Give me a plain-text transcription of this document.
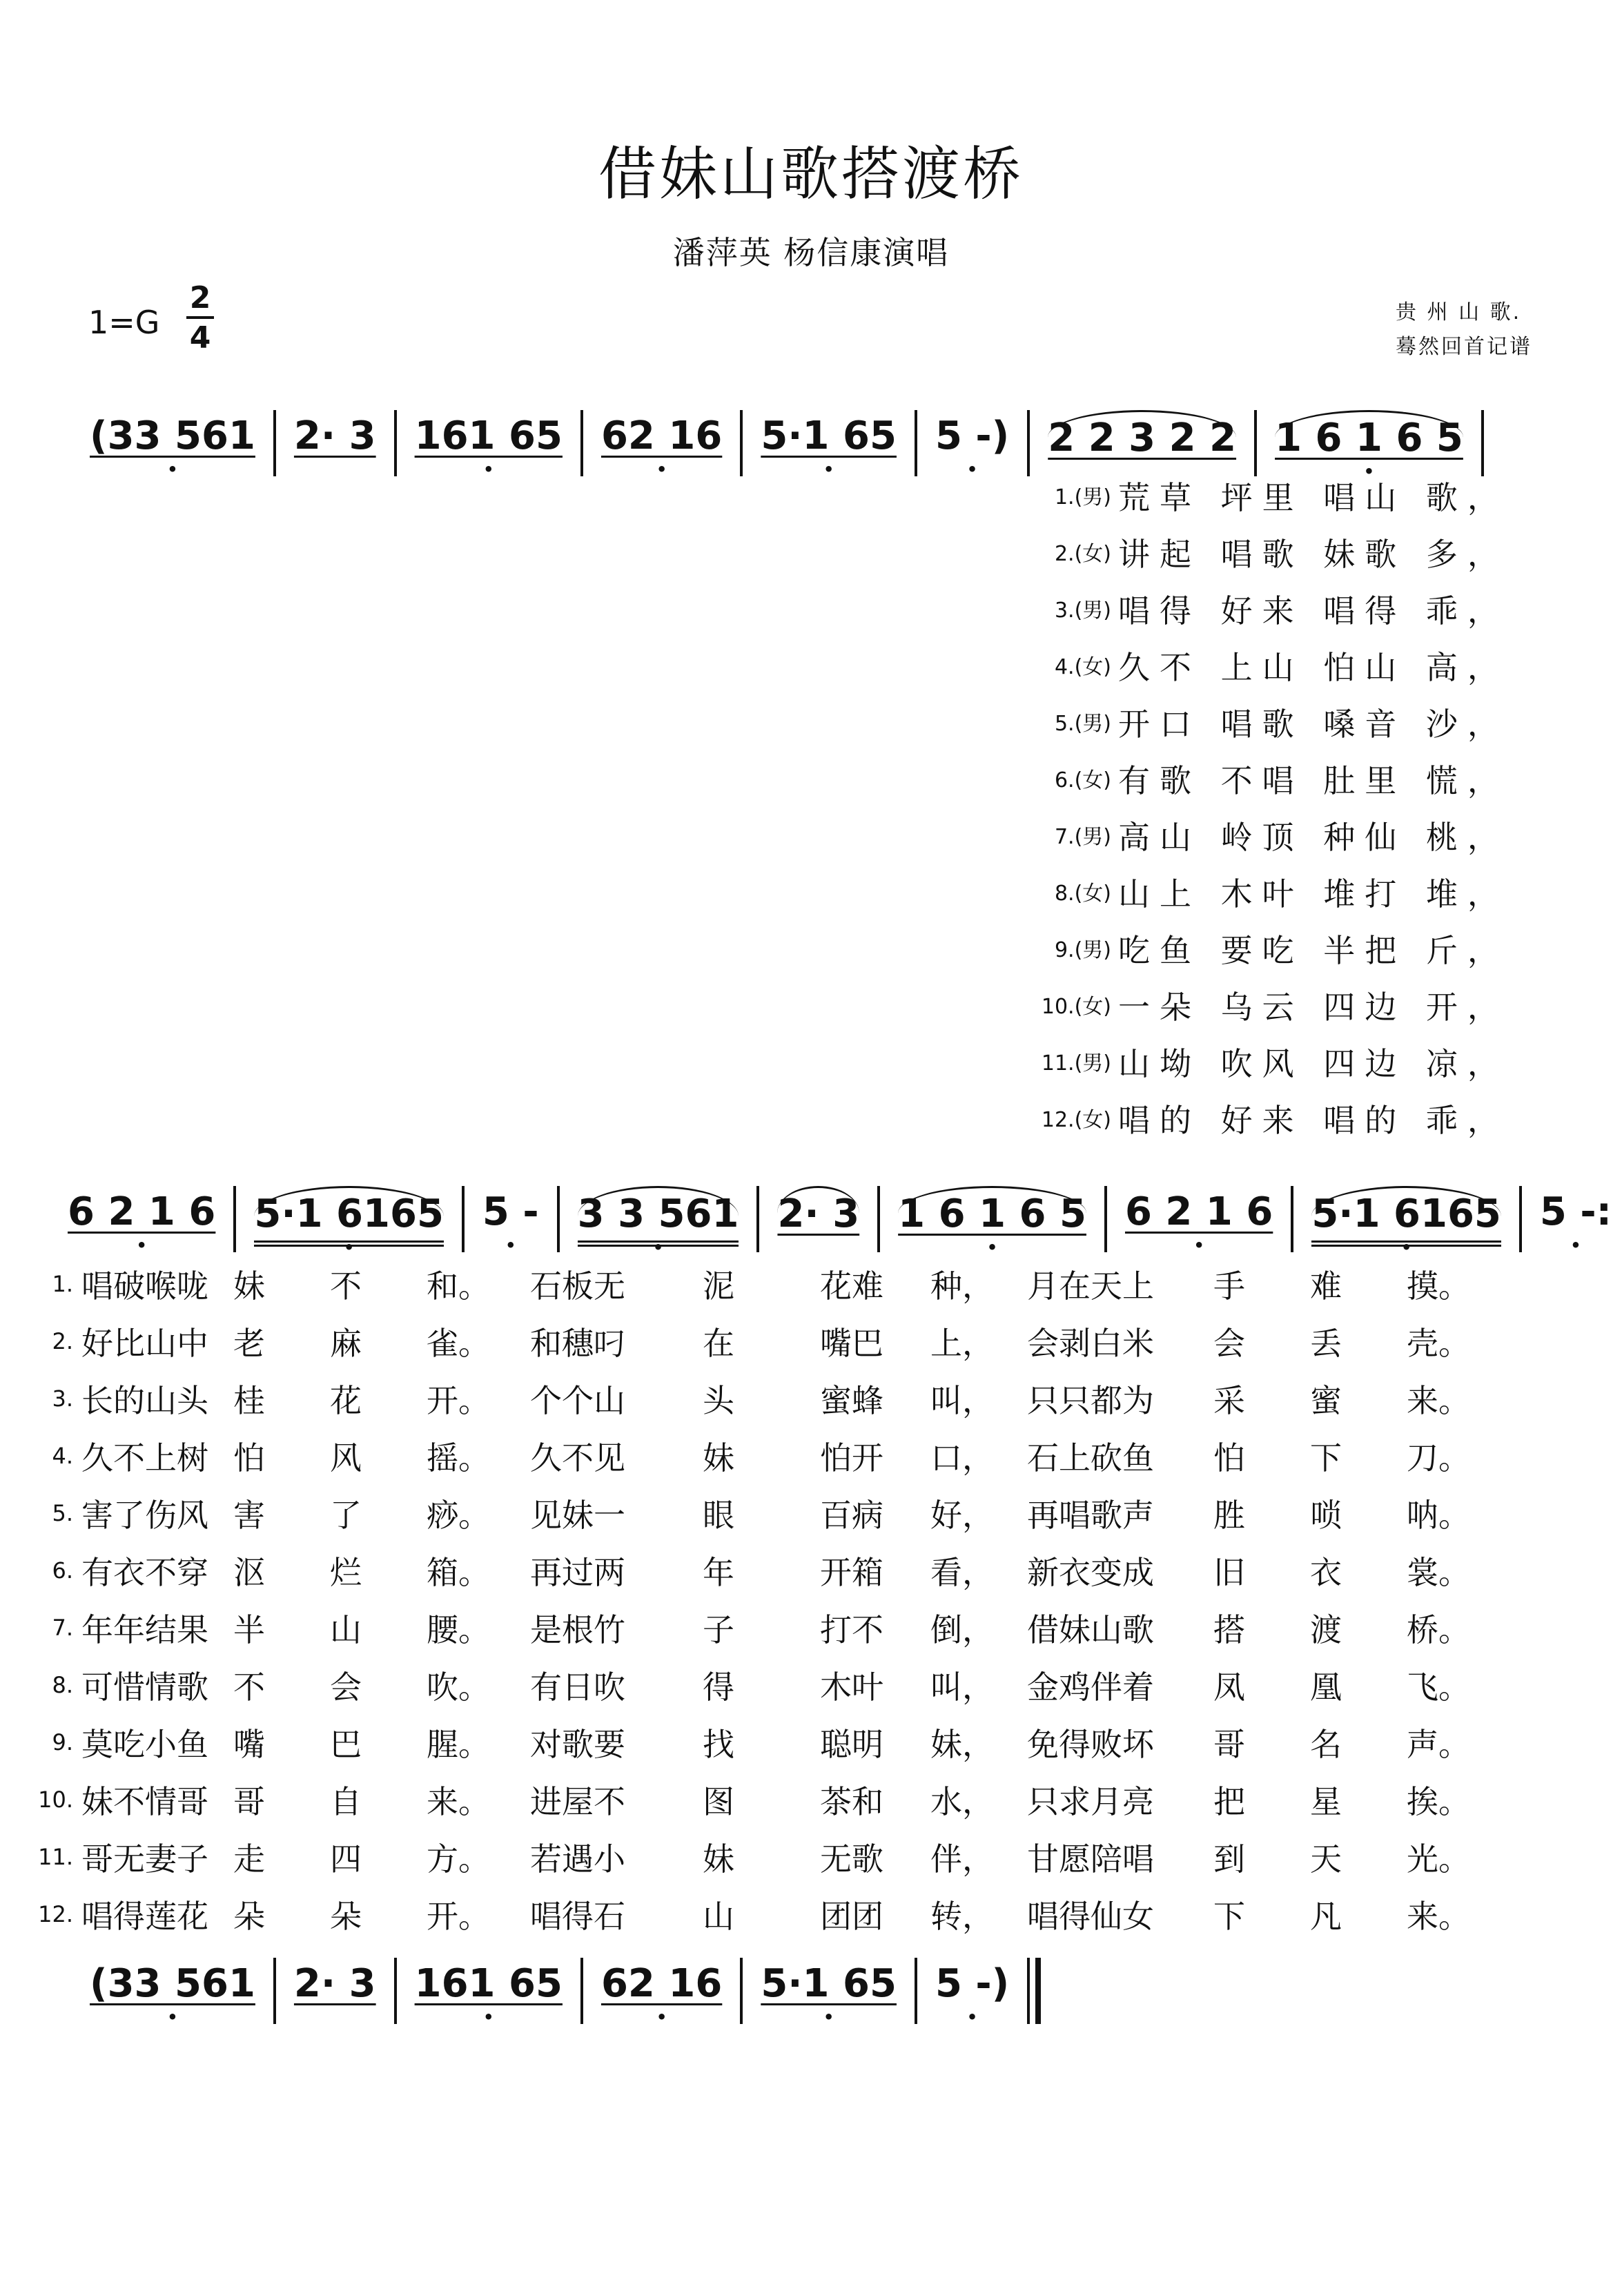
借妹山歌搭渡桥
潘萍英 杨信康演唱
$1=G \frac{2}{4}$	贵 州 山 歌.
蓦然回首记谱
(33 561 • 2· 3 161 65 • 62 16 • 5·1 65 • 5 -) • 2 2 3 2 2 1 6 1 6 5 •
1.(男) 荒草 坪里 唱山 歌，
2.(女) 讲起 唱歌 妹歌 多，
3.(男) 唱得 好来 唱得 乖，
4.(女) 久不 上山 怕山 高，
5.(男) 开口 唱歌 嗓音 沙，
6.(女) 有歌 不唱 肚里 慌，
7.(男) 高山 岭顶 种仙 桃，
8.(女) 山上 木叶 堆打 堆，
9.(男) 吃鱼 要吃 半把 斤，
10.(女) 一朵 乌云 四边 开，
11.(男) 山坳 吹风 四边 凉，
12.(女) 唱的 好来 唱的 乖，
6 2 1 6 • 5·1 6165 • 5 - • 3 3 561 • 2· 3 1 6 1 6 5 • 6 2 1 6 • 5·1 6165 • 5 -: •
1. 唱破喉咙 妹	不	和。	石板无	泥	花难	种，	月在天上	手	难	摸。
2. 好比山中 老	麻	雀。	和穗叼	在	嘴巴	上，	会剥白米	会	丢	壳。
3. 长的山头 桂	花	开。	个个山	头	蜜蜂	叫，	只只都为	采	蜜	来。
4. 久不上树 怕	风	摇。	久不见	妹	怕开	口，	石上砍鱼	怕	下	刀。
5. 害了伤风 害	了	痧。	见妹一	眼	百病	好，	再唱歌声	胜	唢	呐。
6. 有衣不穿 沤	烂	箱。	再过两	年	开箱	看，	新衣变成	旧	衣	裳。
7. 年年结果 半	山	腰。	是根竹	子	打不	倒，	借妹山歌	搭	渡	桥。
8. 可惜情歌 不	会	吹。	有日吹	得	木叶	叫，	金鸡伴着	凤	凰	飞。
9. 莫吃小鱼 嘴	巴	腥。	对歌要	找	聪明	妹，	免得败坏	哥	名	声。
10. 妹不情哥 哥	自	来。	进屋不	图	茶和	水，	只求月亮	把	星	挨。
11. 哥无妻子 走	四	方。	若遇小	妹	无歌	伴，	甘愿陪唱	到	天	光。
12. 唱得莲花 朵	朵	开。	唱得石	山	团团	转，	唱得仙女	下	凡	来。
(33 561 • 2· 3 161 65 • 62 16 • 5·1 65 • 5 -) •
